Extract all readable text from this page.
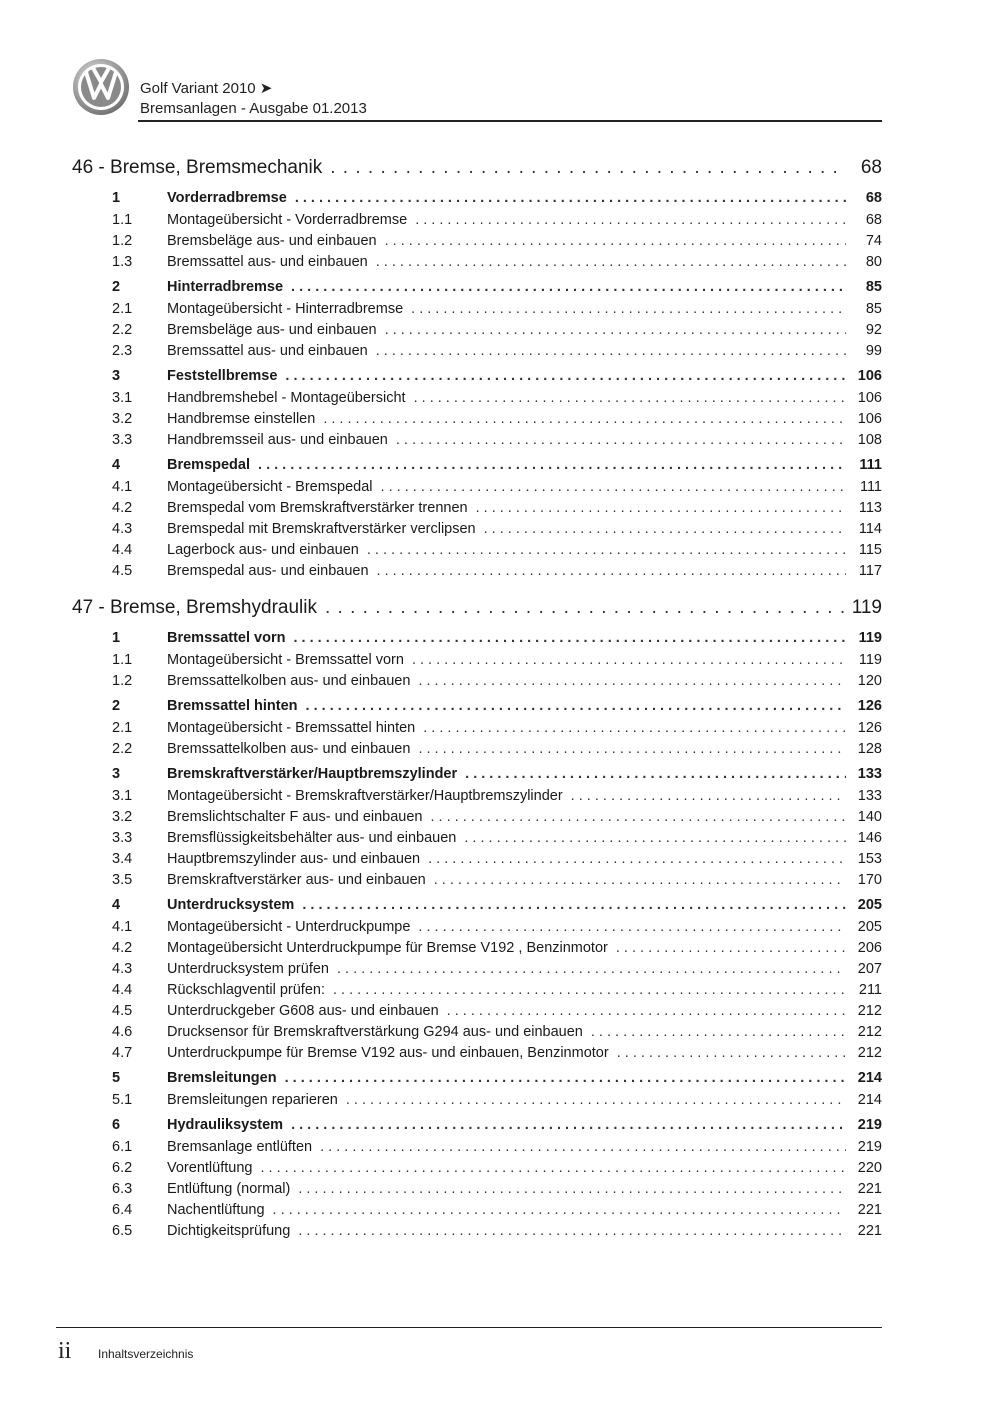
Golf Variant 2010 ➤
Bremsanlagen - Ausgabe 01.2013
46 - Bremse, Bremsmechanik . . .	68
1	Vorderradbremse . . .	68
1.1	Montageübersicht - Vorderradbremse . . .	68
1.2	Bremsbeläge aus- und einbauen . . .	74
1.3	Bremssattel aus- und einbauen . . .	80
2	Hinterradbremse . . .	85
2.1	Montageübersicht - Hinterradbremse . . .	85
2.2	Bremsbeläge aus- und einbauen . . .	92
2.3	Bremssattel aus- und einbauen . . .	99
3	Feststellbremse . . .	106
3.1	Handbremshebel - Montageübersicht . . .	106
3.2	Handbremse einstellen . . .	106
3.3	Handbremsseil aus- und einbauen . . .	108
4	Bremspedal . . .	111
4.1	Montageübersicht - Bremspedal . . .	111
4.2	Bremspedal vom Bremskraftverstärker trennen . . .	113
4.3	Bremspedal mit Bremskraftverstärker verclipsen . . .	114
4.4	Lagerbock aus- und einbauen . . .	115
4.5	Bremspedal aus- und einbauen . . .	117
47 - Bremse, Bremshydraulik . . .	119
1	Bremssattel vorn . . .	119
1.1	Montageübersicht - Bremssattel vorn . . .	119
1.2	Bremssattelkolben aus- und einbauen . . .	120
2	Bremssattel hinten . . .	126
2.1	Montageübersicht - Bremssattel hinten . . .	126
2.2	Bremssattelkolben aus- und einbauen . . .	128
3	Bremskraftverstärker/Hauptbremszylinder . . .	133
3.1	Montageübersicht - Bremskraftverstärker/Hauptbremszylinder . . .	133
3.2	Bremslichtschalter F aus- und einbauen . . .	140
3.3	Bremsflüssigkeitsbehälter aus- und einbauen . . .	146
3.4	Hauptbremszylinder aus- und einbauen . . .	153
3.5	Bremskraftverstärker aus- und einbauen . . .	170
4	Unterdrucksystem . . .	205
4.1	Montageübersicht - Unterdruckpumpe . . .	205
4.2	Montageübersicht Unterdruckpumpe für Bremse V192 , Benzinmotor . . .	206
4.3	Unterdrucksystem prüfen . . .	207
4.4	Rückschlagventil prüfen: . . .	211
4.5	Unterdruckgeber G608 aus- und einbauen . . .	212
4.6	Drucksensor für Bremskraftverstärkung G294 aus- und einbauen . . .	212
4.7	Unterdruckpumpe für Bremse V192 aus- und einbauen, Benzinmotor . . .	212
5	Bremsleitungen . . .	214
5.1	Bremsleitungen reparieren . . .	214
6	Hydrauliksystem . . .	219
6.1	Bremsanlage entlüften . . .	219
6.2	Vorentlüftung . . .	220
6.3	Entlüftung (normal) . . .	221
6.4	Nachentlüftung . . .	221
6.5	Dichtigkeitsprüfung . . .	221
ii Inhaltsverzeichnis
